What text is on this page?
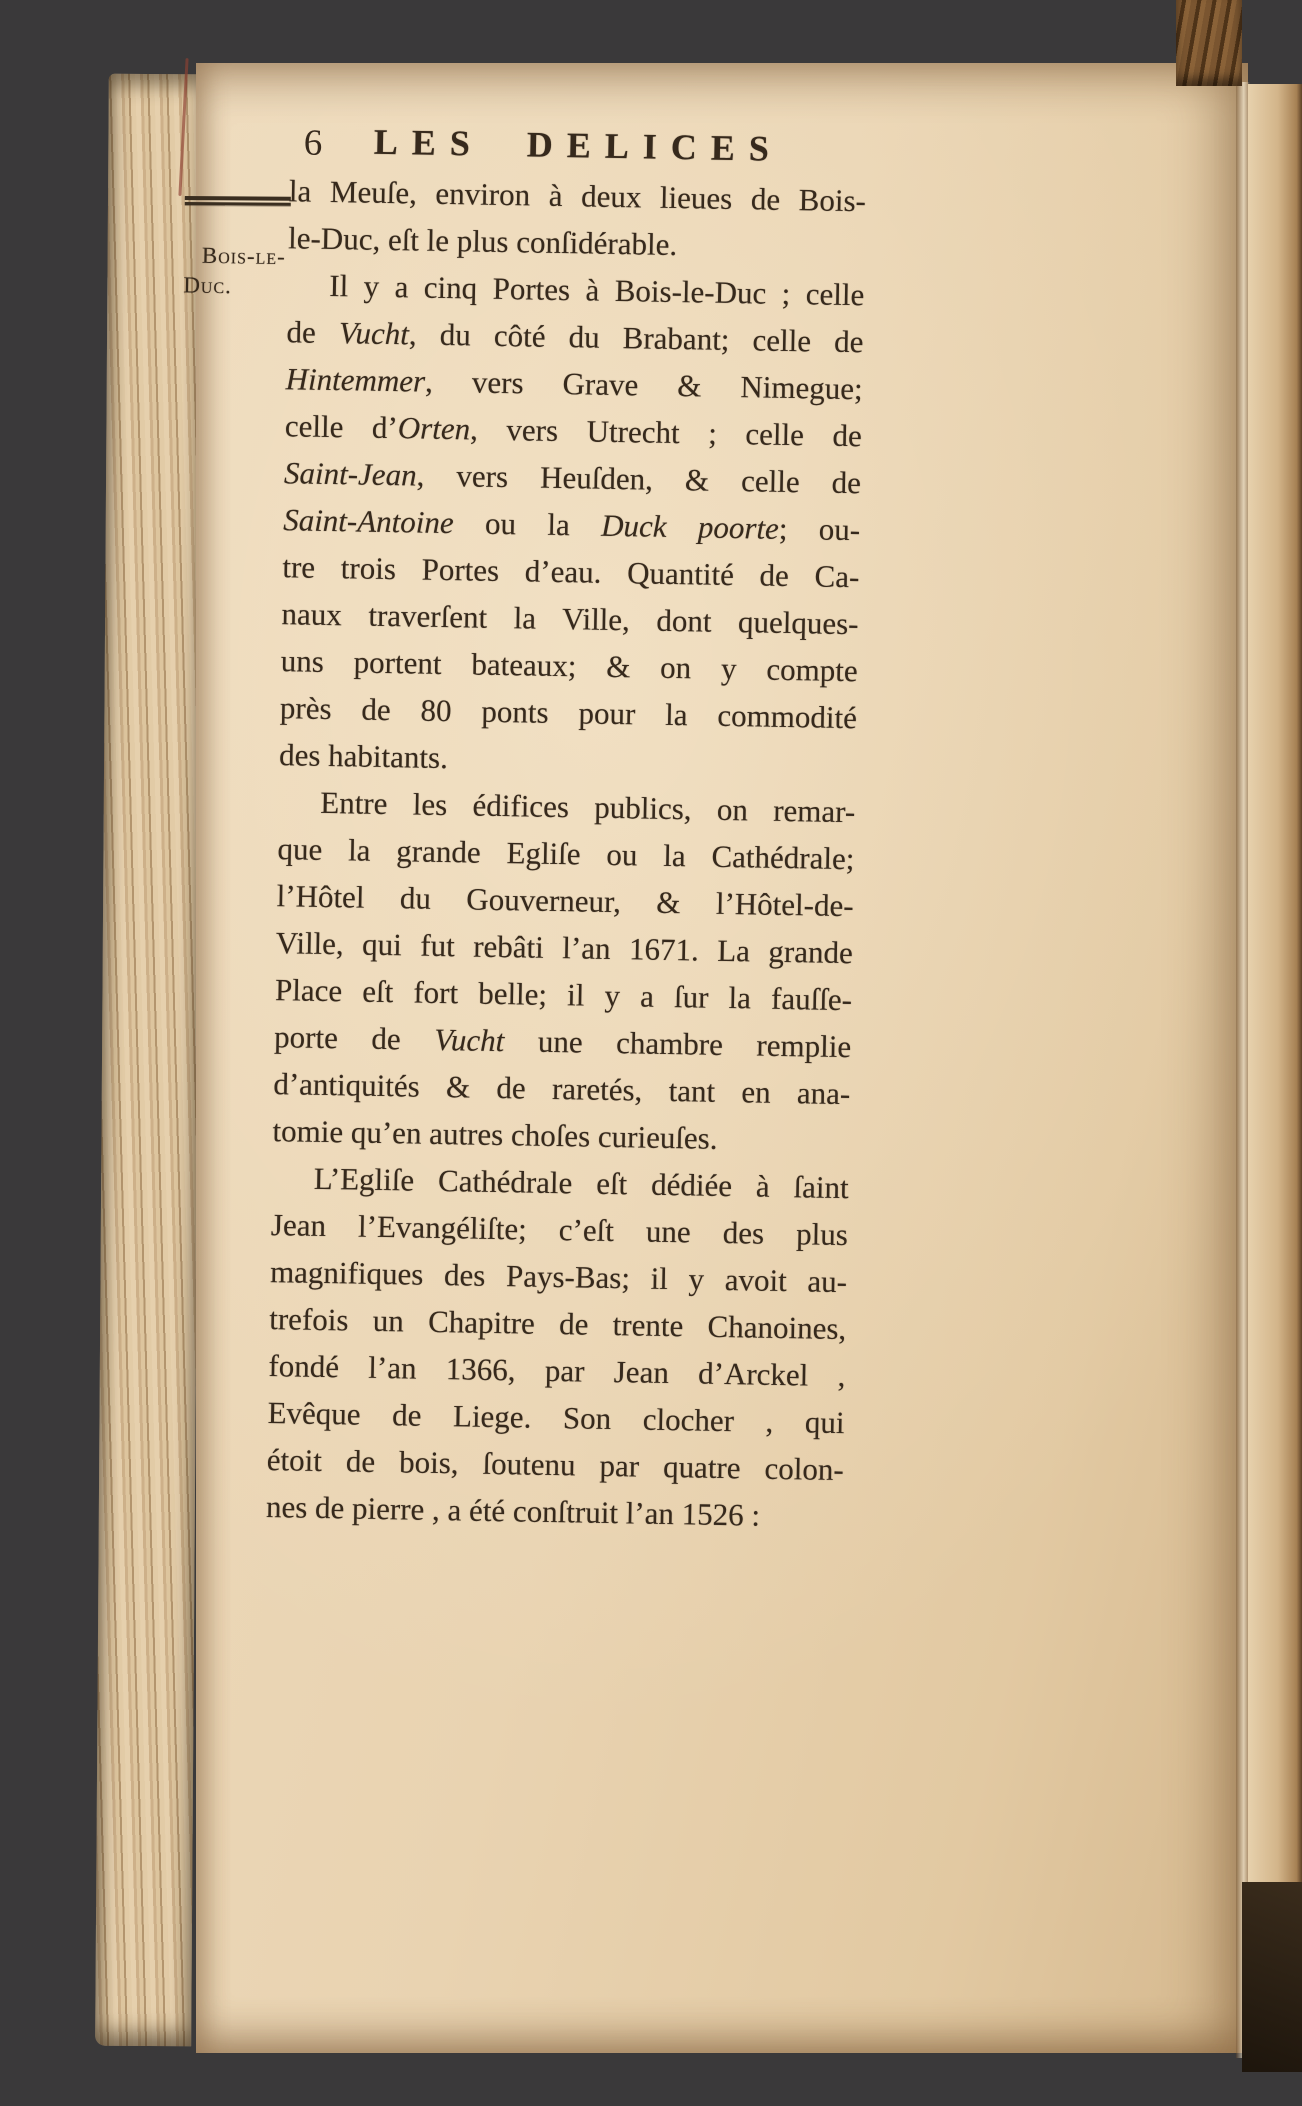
6 LES DELICES
Bois-le-
Duc.
la Meuſe, environ à deux lieues de Bois-
le-Duc, eſt le plus conſidérable.
Il y a cinq Portes à Bois-le-Duc ; celle
de Vucht, du côté du Brabant; celle de
Hintemmer, vers Grave & Nimegue;
celle d’Orten, vers Utrecht ; celle de
Saint-Jean, vers Heuſden, & celle de
Saint-Antoine ou la Duck poorte; ou-
tre trois Portes d’eau. Quantité de Ca-
naux traverſent la Ville, dont quelques-
uns portent bateaux; & on y compte
près de 80 ponts pour la commodité
des habitants.
Entre les édifices publics, on remar-
que la grande Egliſe ou la Cathédrale;
l’Hôtel du Gouverneur, & l’Hôtel-de-
Ville, qui fut rebâti l’an 1671. La grande
Place eſt fort belle; il y a ſur la fauſſe-
porte de Vucht une chambre remplie
d’antiquités & de raretés, tant en ana-
tomie qu’en autres choſes curieuſes.
L’Egliſe Cathédrale eſt dédiée à ſaint
Jean l’Evangéliſte; c’eſt une des plus
magnifiques des Pays-Bas; il y avoit au-
trefois un Chapitre de trente Chanoines,
fondé l’an 1366, par Jean d’Arckel ,
Evêque de Liege. Son clocher , qui
étoit de bois, ſoutenu par quatre colon-
nes de pierre , a été conſtruit l’an 1526 :
